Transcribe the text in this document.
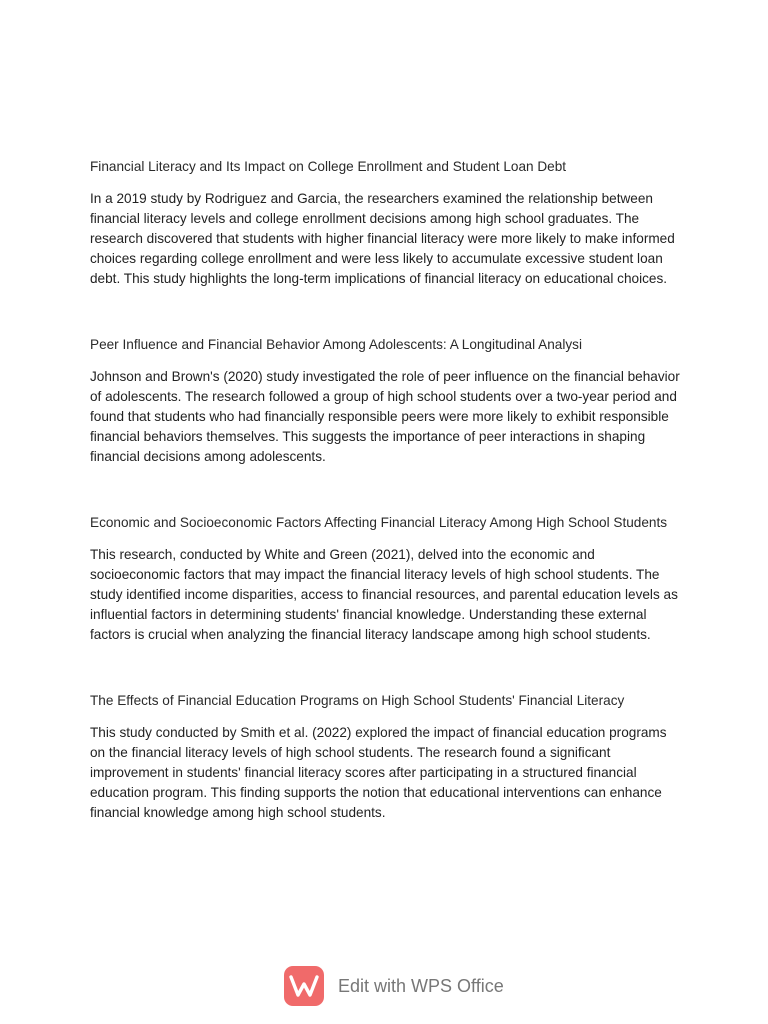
Financial Literacy and Its Impact on College Enrollment and Student Loan Debt

In a 2019 study by Rodriguez and Garcia, the researchers examined the relationship between financial literacy levels and college enrollment decisions among high school graduates. The research discovered that students with higher financial literacy were more likely to make informed choices regarding college enrollment and were less likely to accumulate excessive student loan debt. This study highlights the long-term implications of financial literacy on educational choices.

Peer Influence and Financial Behavior Among Adolescents: A Longitudinal Analysi

Johnson and Brown's (2020) study investigated the role of peer influence on the financial behavior of adolescents. The research followed a group of high school students over a two-year period and found that students who had financially responsible peers were more likely to exhibit responsible financial behaviors themselves. This suggests the importance of peer interactions in shaping financial decisions among adolescents.

Economic and Socioeconomic Factors Affecting Financial Literacy Among High School Students

This research, conducted by White and Green (2021), delved into the economic and socioeconomic factors that may impact the financial literacy levels of high school students. The study identified income disparities, access to financial resources, and parental education levels as influential factors in determining students' financial knowledge. Understanding these external factors is crucial when analyzing the financial literacy landscape among high school students.

The Effects of Financial Education Programs on High School Students' Financial Literacy

This study conducted by Smith et al. (2022) explored the impact of financial education programs on the financial literacy levels of high school students. The research found a significant improvement in students' financial literacy scores after participating in a structured financial education program. This finding supports the notion that educational interventions can enhance financial knowledge among high school students.

Edit with WPS Office
